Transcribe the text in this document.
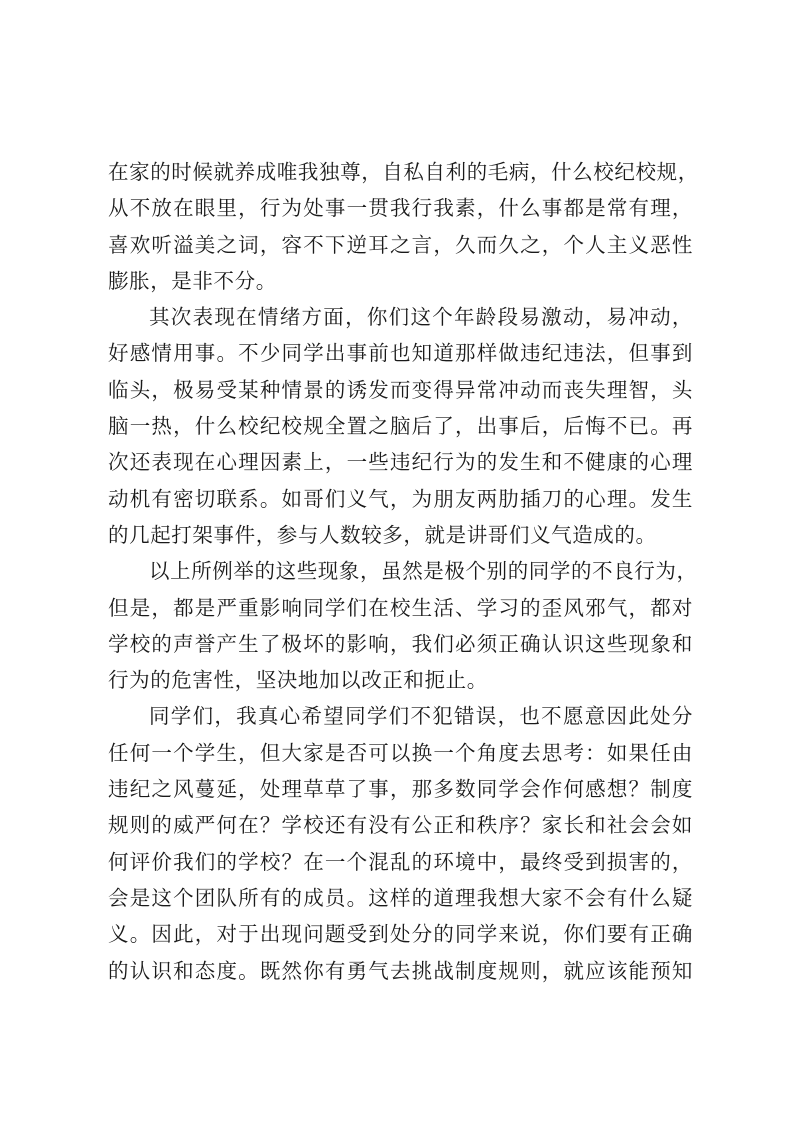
在家的时候就养成唯我独尊，自私自利的毛病，什么校纪校规，
从不放在眼里，行为处事一贯我行我素，什么事都是常有理，
喜欢听溢美之词，容不下逆耳之言，久而久之，个人主义恶性
膨胀，是非不分。
其次表现在情绪方面，你们这个年龄段易激动，易冲动，
好感情用事。不少同学出事前也知道那样做违纪违法，但事到
临头，极易受某种情景的诱发而变得异常冲动而丧失理智，头
脑一热，什么校纪校规全置之脑后了，出事后，后悔不已。再
次还表现在心理因素上，一些违纪行为的发生和不健康的心理
动机有密切联系。如哥们义气，为朋友两肋插刀的心理。发生
的几起打架事件，参与人数较多，就是讲哥们义气造成的。
以上所例举的这些现象，虽然是极个别的同学的不良行为，
但是，都是严重影响同学们在校生活、学习的歪风邪气，都对
学校的声誉产生了极坏的影响，我们必须正确认识这些现象和
行为的危害性，坚决地加以改正和扼止。
同学们，我真心希望同学们不犯错误，也不愿意因此处分
任何一个学生，但大家是否可以换一个角度去思考：如果任由
违纪之风蔓延，处理草草了事，那多数同学会作何感想？制度
规则的威严何在？学校还有没有公正和秩序？家长和社会会如
何评价我们的学校？在一个混乱的环境中，最终受到损害的，
会是这个团队所有的成员。这样的道理我想大家不会有什么疑
义。因此，对于出现问题受到处分的同学来说，你们要有正确
的认识和态度。既然你有勇气去挑战制度规则，就应该能预知
